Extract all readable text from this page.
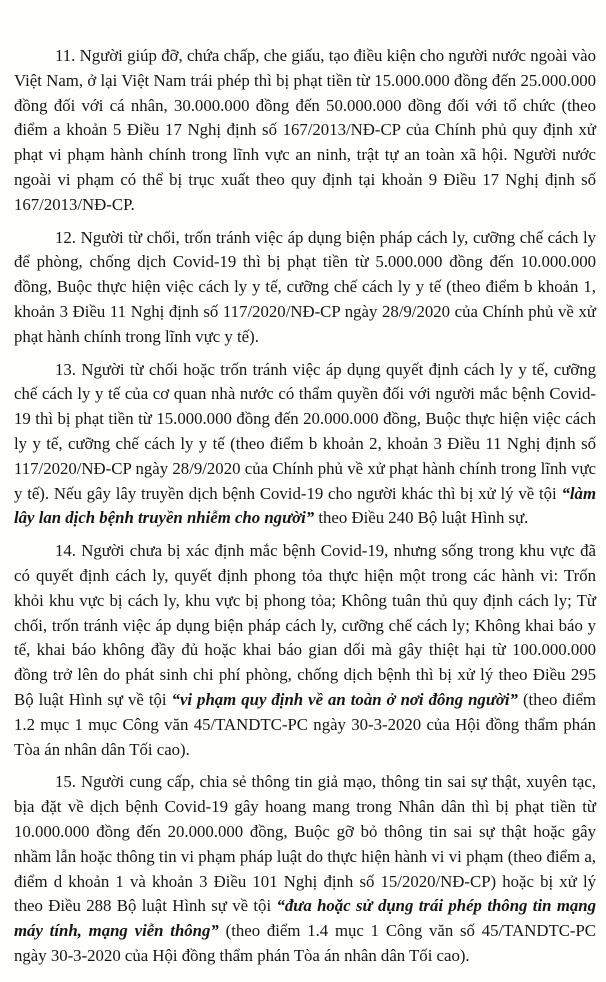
11. Người giúp đỡ, chứa chấp, che giấu, tạo điều kiện cho người nước ngoài vào Việt Nam, ở lại Việt Nam trái phép thì bị phạt tiền từ 15.000.000 đồng đến 25.000.000 đồng đối với cá nhân, 30.000.000 đồng đến 50.000.000 đồng đối với tổ chức (theo điểm a khoản 5 Điều 17 Nghị định số 167/2013/NĐ-CP của Chính phủ quy định xử phạt vi phạm hành chính trong lĩnh vực an ninh, trật tự an toàn xã hội. Người nước ngoài vi phạm có thể bị trục xuất theo quy định tại khoản 9 Điều 17 Nghị định số 167/2013/NĐ-CP.

12. Người từ chối, trốn tránh việc áp dụng biện pháp cách ly, cưỡng chế cách ly để phòng, chống dịch Covid-19 thì bị phạt tiền từ 5.000.000 đồng đến 10.000.000 đồng, Buộc thực hiện việc cách ly y tế, cưỡng chế cách ly y tế (theo điểm b khoản 1, khoản 3 Điều 11 Nghị định số 117/2020/NĐ-CP ngày 28/9/2020 của Chính phủ về xử phạt hành chính trong lĩnh vực y tế).

13. Người từ chối hoặc trốn tránh việc áp dụng quyết định cách ly y tế, cưỡng chế cách ly y tế của cơ quan nhà nước có thẩm quyền đối với người mắc bệnh Covid-19 thì bị phạt tiền từ 15.000.000 đồng đến 20.000.000 đồng, Buộc thực hiện việc cách ly y tế, cưỡng chế cách ly y tế (theo điểm b khoản 2, khoản 3 Điều 11 Nghị định số 117/2020/NĐ-CP ngày 28/9/2020 của Chính phủ về xử phạt hành chính trong lĩnh vực y tế). Nếu gây lây truyền dịch bệnh Covid-19 cho người khác thì bị xử lý về tội “làm lây lan dịch bệnh truyền nhiễm cho người” theo Điều 240 Bộ luật Hình sự.

14. Người chưa bị xác định mắc bệnh Covid-19, nhưng sống trong khu vực đã có quyết định cách ly, quyết định phong tỏa thực hiện một trong các hành vi: Trốn khỏi khu vực bị cách ly, khu vực bị phong tỏa; Không tuân thủ quy định cách ly; Từ chối, trốn tránh việc áp dụng biện pháp cách ly, cưỡng chế cách ly; Không khai báo y tế, khai báo không đầy đủ hoặc khai báo gian dối mà gây thiệt hại từ 100.000.000 đồng trở lên do phát sinh chi phí phòng, chống dịch bệnh thì bị xử lý theo Điều 295 Bộ luật Hình sự về tội “vi phạm quy định về an toàn ở nơi đông người” (theo điểm 1.2 mục 1 mục Công văn 45/TANDTC-PC ngày 30-3-2020 của Hội đồng thẩm phán Tòa án nhân dân Tối cao).

15. Người cung cấp, chia sẻ thông tin giả mạo, thông tin sai sự thật, xuyên tạc, bịa đặt về dịch bệnh Covid-19 gây hoang mang trong Nhân dân thì bị phạt tiền từ 10.000.000 đồng đến 20.000.000 đồng, Buộc gỡ bỏ thông tin sai sự thật hoặc gây nhầm lẫn hoặc thông tin vi phạm pháp luật do thực hiện hành vi vi phạm (theo điểm a, điểm d khoản 1 và khoản 3 Điều 101 Nghị định số 15/2020/NĐ-CP) hoặc bị xử lý theo Điều 288 Bộ luật Hình sự về tội “đưa hoặc sử dụng trái phép thông tin mạng máy tính, mạng viễn thông” (theo điểm 1.4 mục 1 Công văn số 45/TANDTC-PC ngày 30-3-2020 của Hội đồng thẩm phán Tòa án nhân dân Tối cao).
